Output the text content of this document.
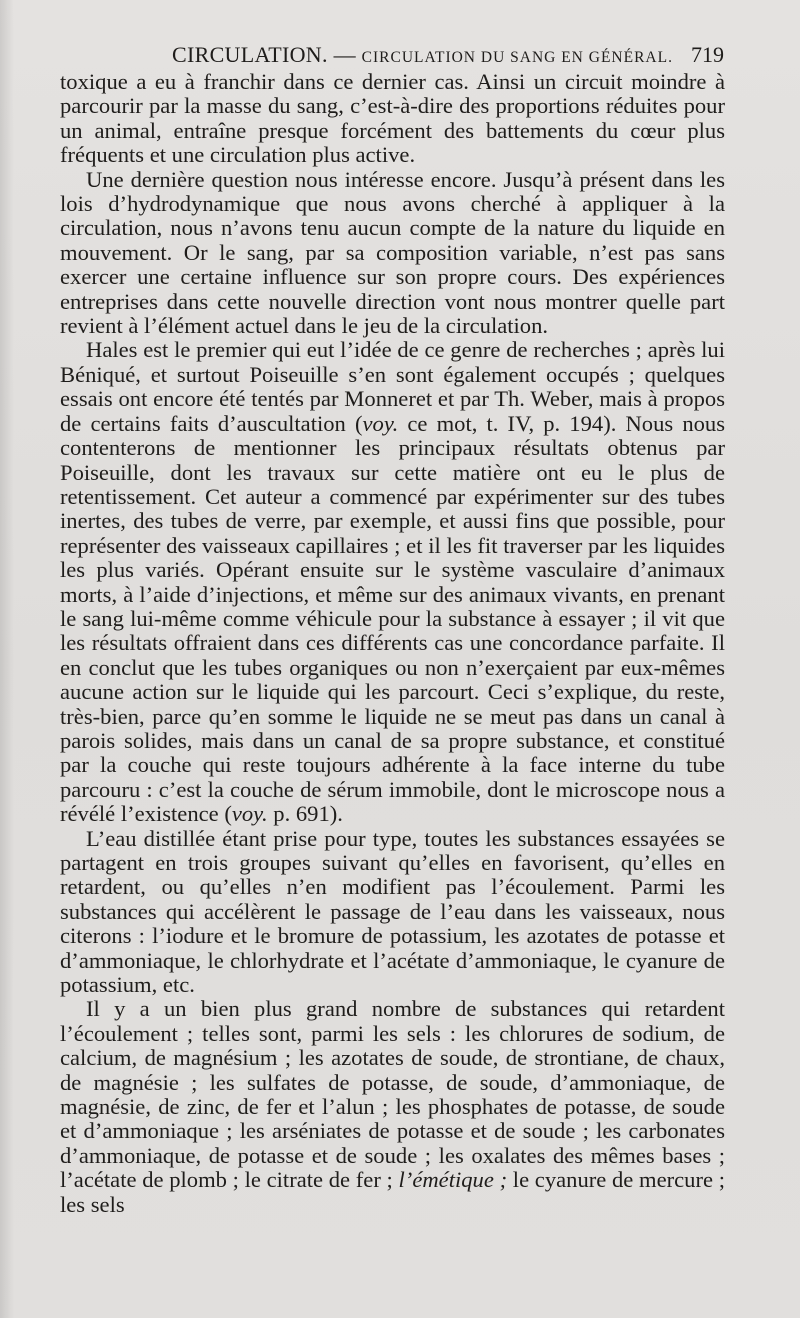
CIRCULATION. — CIRCULATION DU SANG EN GÉNÉRAL. 719

toxique a eu à franchir dans ce dernier cas. Ainsi un circuit moindre à parcourir par la masse du sang, c’est-à-dire des proportions réduites pour un animal, entraîne presque forcément des battements du cœur plus fréquents et une circulation plus active.

Une dernière question nous intéresse encore. Jusqu’à présent dans les lois d’hydrodynamique que nous avons cherché à appliquer à la circulation, nous n’avons tenu aucun compte de la nature du liquide en mouvement. Or le sang, par sa composition variable, n’est pas sans exercer une certaine influence sur son propre cours. Des expériences entreprises dans cette nouvelle direction vont nous montrer quelle part revient à l’élément actuel dans le jeu de la circulation.

Hales est le premier qui eut l’idée de ce genre de recherches ; après lui Béniqué, et surtout Poiseuille s’en sont également occupés ; quelques essais ont encore été tentés par Monneret et par Th. Weber, mais à propos de certains faits d’auscultation (voy. ce mot, t. IV, p. 194). Nous nous contenterons de mentionner les principaux résultats obtenus par Poiseuille, dont les travaux sur cette matière ont eu le plus de retentissement. Cet auteur a commencé par expérimenter sur des tubes inertes, des tubes de verre, par exemple, et aussi fins que possible, pour représenter des vaisseaux capillaires ; et il les fit traverser par les liquides les plus variés. Opérant ensuite sur le système vasculaire d’animaux morts, à l’aide d’injections, et même sur des animaux vivants, en prenant le sang lui-même comme véhicule pour la substance à essayer ; il vit que les résultats offraient dans ces différents cas une concordance parfaite. Il en conclut que les tubes organiques ou non n’exerçaient par eux-mêmes aucune action sur le liquide qui les parcourt. Ceci s’explique, du reste, très-bien, parce qu’en somme le liquide ne se meut pas dans un canal à parois solides, mais dans un canal de sa propre substance, et constitué par la couche qui reste toujours adhérente à la face interne du tube parcouru : c’est la couche de sérum immobile, dont le microscope nous a révélé l’existence (voy. p. 691).

L’eau distillée étant prise pour type, toutes les substances essayées se partagent en trois groupes suivant qu’elles en favorisent, qu’elles en retardent, ou qu’elles n’en modifient pas l’écoulement. Parmi les substances qui accélèrent le passage de l’eau dans les vaisseaux, nous citerons : l’iodure et le bromure de potassium, les azotates de potasse et d’ammoniaque, le chlorhydrate et l’acétate d’ammoniaque, le cyanure de potassium, etc.

Il y a un bien plus grand nombre de substances qui retardent l’écoulement ; telles sont, parmi les sels : les chlorures de sodium, de calcium, de magnésium ; les azotates de soude, de strontiane, de chaux, de magnésie ; les sulfates de potasse, de soude, d’ammoniaque, de magnésie, de zinc, de fer et l’alun ; les phosphates de potasse, de soude et d’ammoniaque ; les arséniates de potasse et de soude ; les carbonates d’ammoniaque, de potasse et de soude ; les oxalates des mêmes bases ; l’acétate de plomb ; le citrate de fer ; l’émétique ; le cyanure de mercure ; les sels
